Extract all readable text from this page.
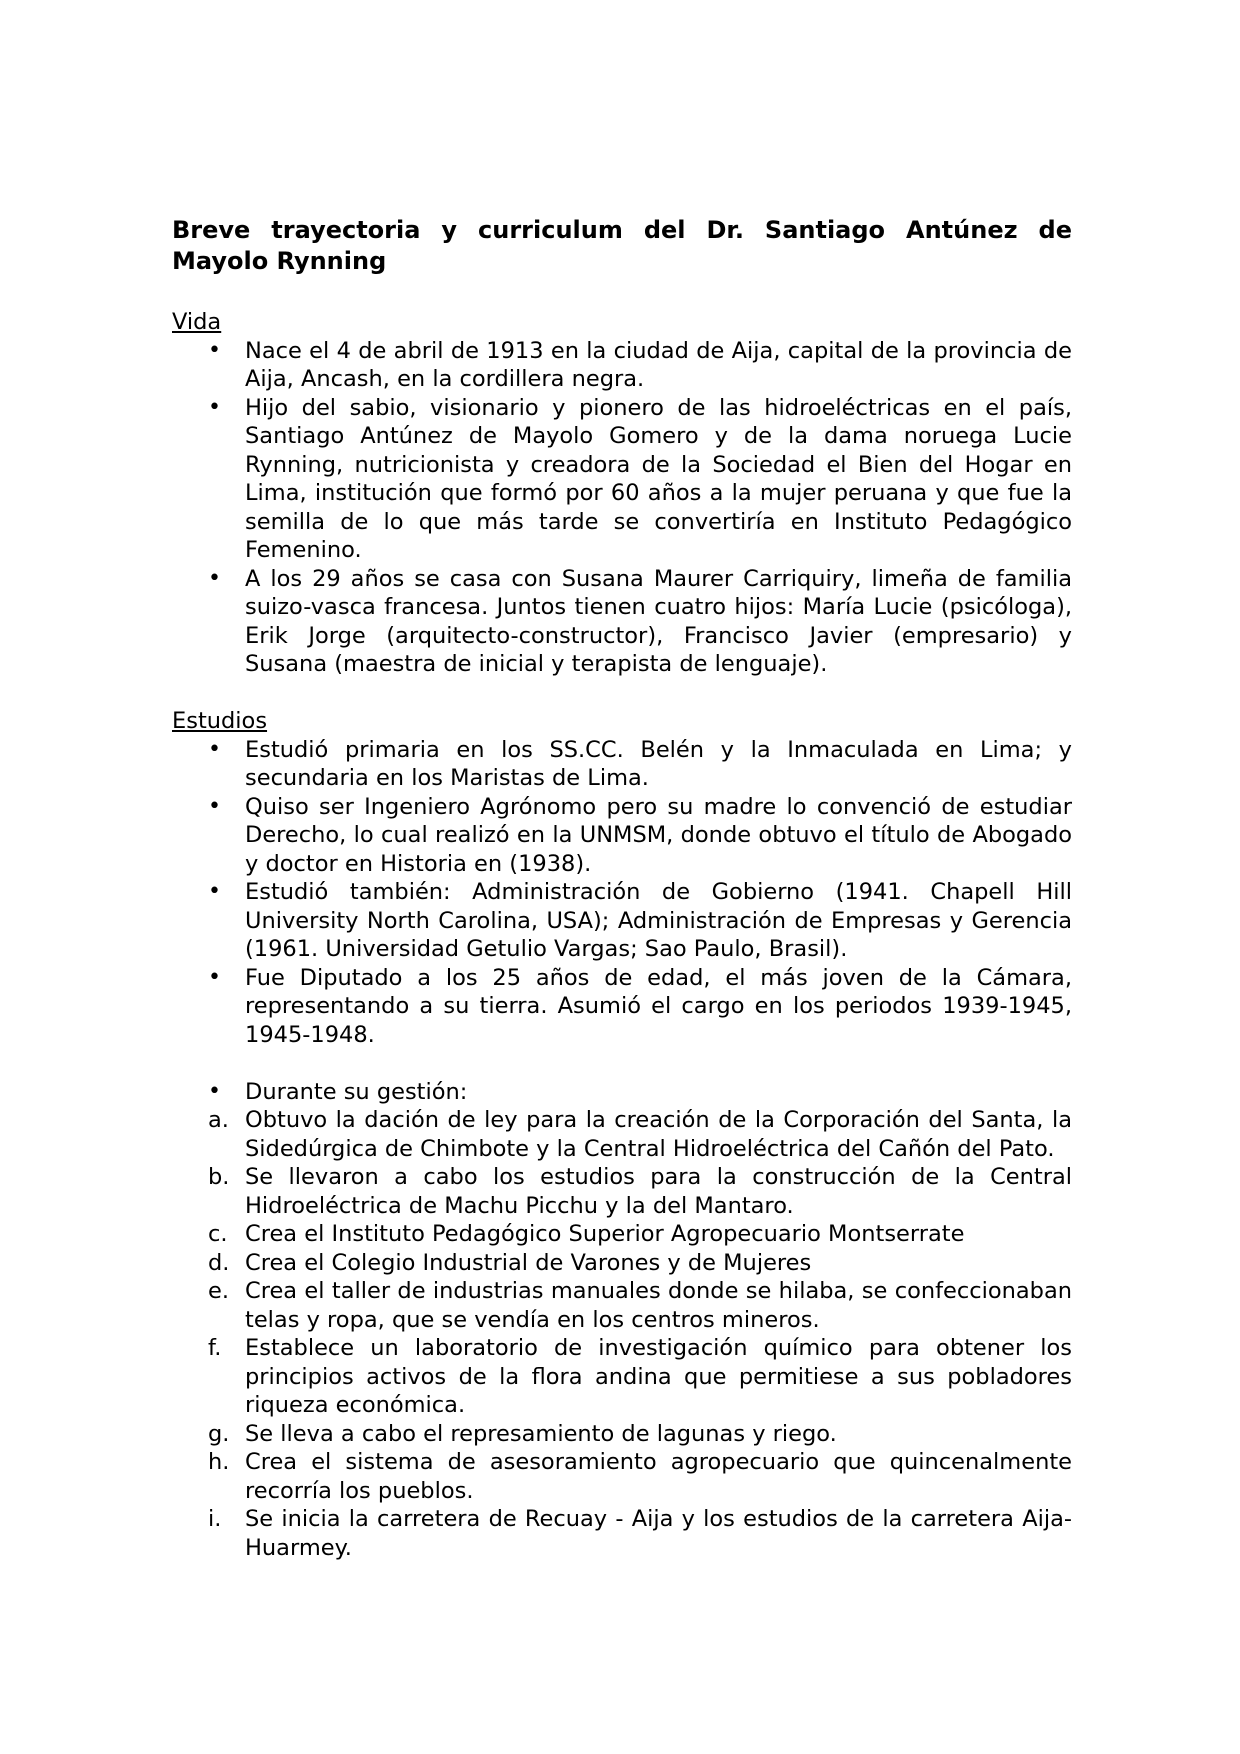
Breve trayectoria y curriculum del Dr. Santiago Antúnez de Mayolo Rynning
Vida
•	Nace el 4 de abril de 1913 en la ciudad de Aija, capital de la provincia de Aija, Ancash, en la cordillera negra.
•	Hijo del sabio, visionario y pionero de las hidroeléctricas en el país, Santiago Antúnez de Mayolo Gomero y de la dama noruega Lucie Rynning, nutricionista y creadora de la Sociedad el Bien del Hogar en Lima, institución que formó por 60 años a la mujer peruana y que fue la semilla de lo que más tarde se convertiría en Instituto Pedagógico Femenino.
•	A los 29 años se casa con Susana Maurer Carriquiry, limeña de familia suizo-vasca francesa. Juntos tienen cuatro hijos: María Lucie (psicóloga), Erik Jorge (arquitecto-constructor), Francisco Javier (empresario) y Susana (maestra de inicial y terapista de lenguaje).
Estudios
•	Estudió primaria en los SS.CC. Belén y la Inmaculada en Lima; y secundaria en los Maristas de Lima.
•	Quiso ser Ingeniero Agrónomo pero su madre lo convenció de estudiar Derecho, lo cual realizó en la UNMSM, donde obtuvo el título de Abogado y doctor en Historia en (1938).
•	Estudió también: Administración de Gobierno (1941. Chapell Hill University North Carolina, USA); Administración de Empresas y Gerencia (1961. Universidad Getulio Vargas; Sao Paulo, Brasil).
•	Fue Diputado a los 25 años de edad, el más joven de la Cámara, representando a su tierra. Asumió el cargo en los periodos 1939-1945, 1945-1948.
•	Durante su gestión:
a. Obtuvo la dación de ley para la creación de la Corporación del Santa, la Sidedúrgica de Chimbote y la Central Hidroeléctrica del Cañón del Pato.
b. Se llevaron a cabo los estudios para la construcción de la Central Hidroeléctrica de Machu Picchu y la del Mantaro.
c. Crea el Instituto Pedagógico Superior Agropecuario Montserrate
d. Crea el Colegio Industrial de Varones y de Mujeres
e. Crea el taller de industrias manuales donde se hilaba, se confeccionaban telas y ropa, que se vendía en los centros mineros.
f.	Establece un laboratorio de investigación químico para obtener los principios activos de la flora andina que permitiese a sus pobladores riqueza económica.
g. Se lleva a cabo el represamiento de lagunas y riego.
h. Crea el sistema de asesoramiento agropecuario que quincenalmente recorría los pueblos.
i.	Se inicia la carretera de Recuay - Aija y los estudios de la carretera Aija-Huarmey.
